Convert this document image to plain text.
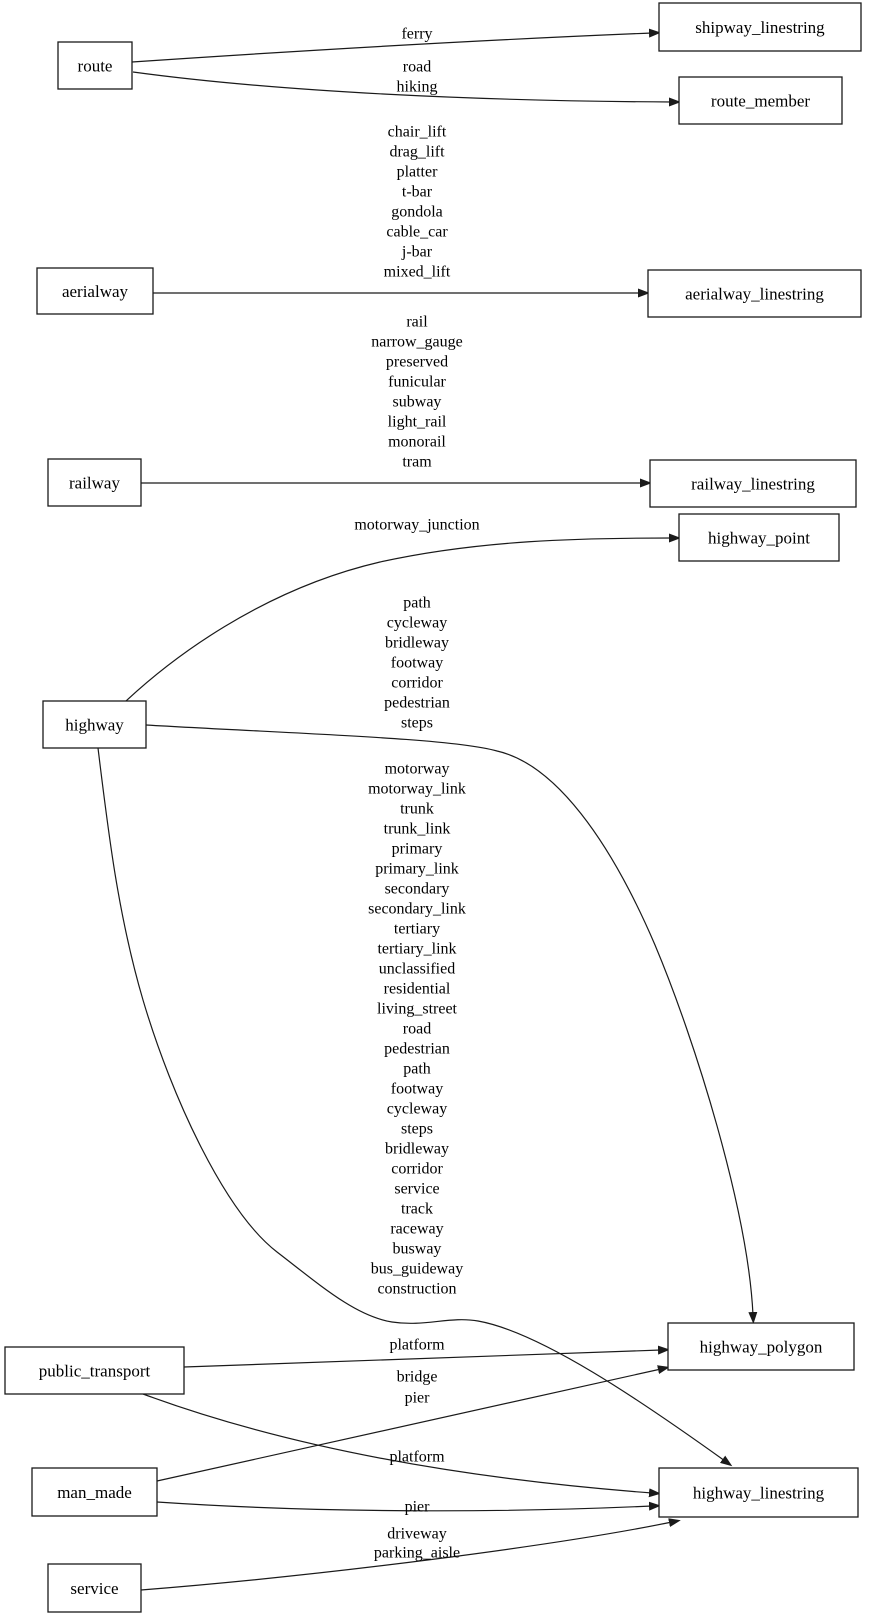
ferry
road
hiking
chair_lift
drag_lift
platter
t-bar
gondola
cable_car
j-bar
mixed_lift
rail
narrow_gauge
preserved
funicular
subway
light_rail
monorail
tram
motorway_junction
path
cycleway
bridleway
footway
corridor
pedestrian
steps
motorway
motorway_link
trunk
trunk_link
primary
primary_link
secondary
secondary_link
tertiary
tertiary_link
unclassified
residential
living_street
road
pedestrian
path
footway
cycleway
steps
bridleway
corridor
service
track
raceway
busway
bus_guideway
construction
platform
bridge
pier
platform
pier
driveway
parking_aisle
route
shipway_linestring
route_member
aerialway	aerialway_linestring
railway	railway_linestring
highway_point
highway
highway_polygon
public_transport
man_made	highway_linestring
service
